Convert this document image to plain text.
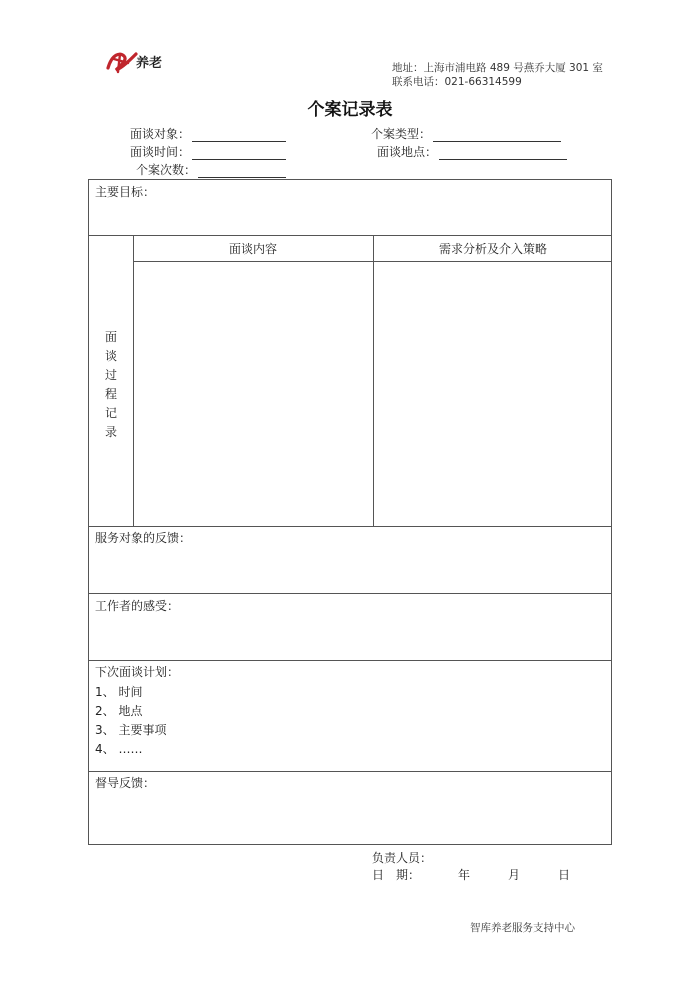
养老	地址：上海市浦电路 489 号燕乔大厦 301 室
联系电话：021-66314599
个案记录表
面谈对象：	个案类型：
面谈时间：	面谈地点：
个案次数：
主要目标：
面谈内容	需求分析及介入策略
面
谈
过
程
记
录
服务对象的反馈：
工作者的感受：
下次面谈计划：
1、 时间
2、 地点
3、 主要事项
4、 ……
督导反馈：
负责人员：
日　期：	年	月	日
智库养老服务支持中心
